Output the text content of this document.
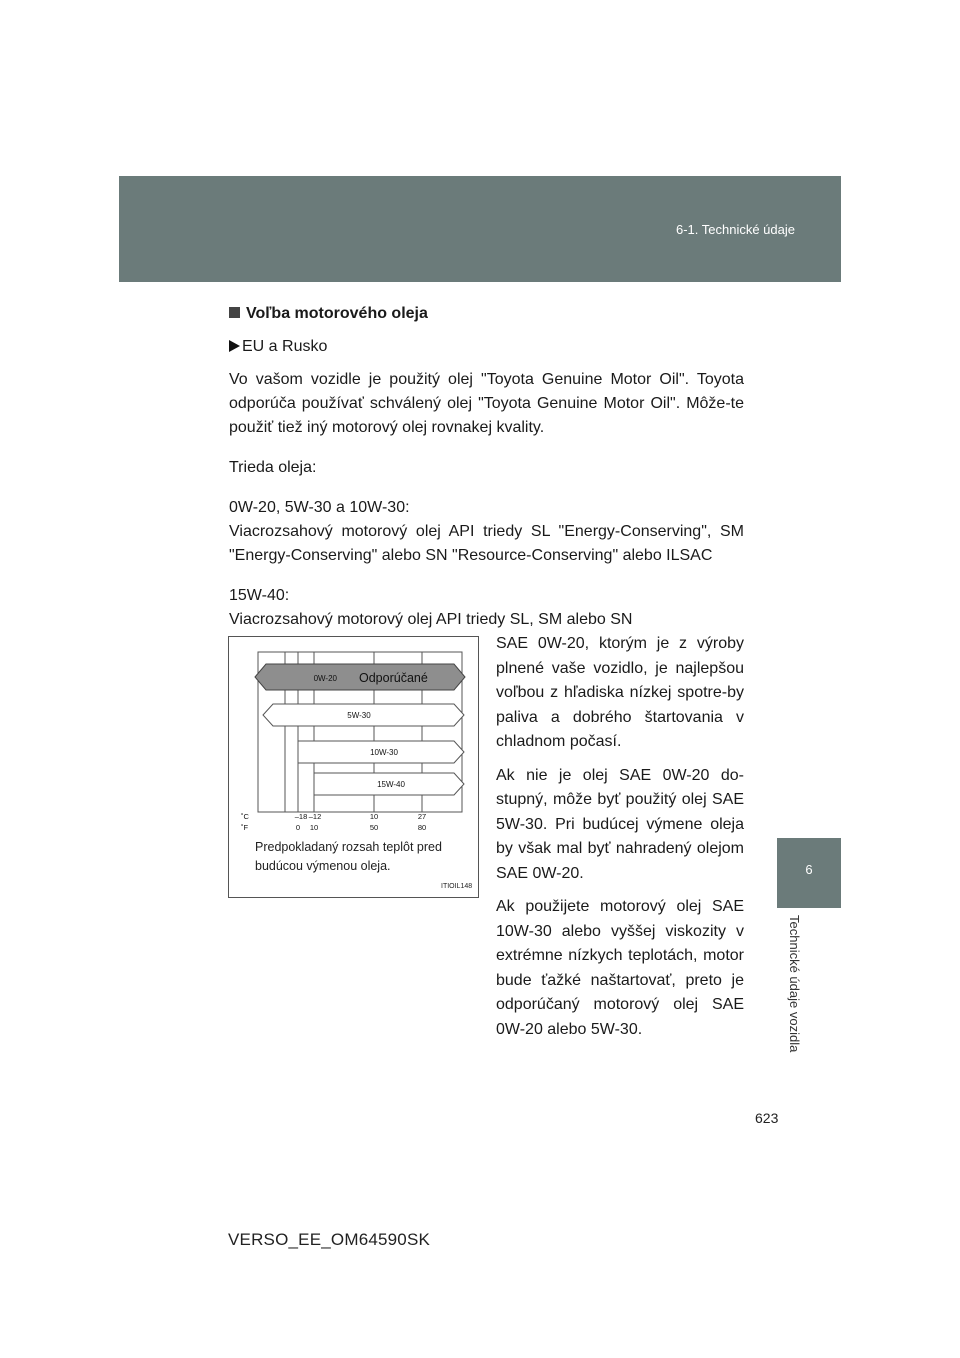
6-1. Technické údaje
6
Technické údaje vozidla

Voľba motorového oleja

EU a Rusko

Vo vašom vozidle je použitý olej "Toyota Genuine Motor Oil". Toyota odporúča používať schválený olej "Toyota Genuine Motor Oil". Môže-te použiť tiež iný motorový olej rovnakej kvality.

Trieda oleja:

0W-20, 5W-30 a 10W-30:

Viacrozsahový motorový olej API triedy SL "Energy-Conserving", SM "Energy-Conserving" alebo SN "Resource-Conserving" alebo ILSAC

15W-40:

Viacrozsahový motorový olej API triedy SL, SM alebo SN

0W-20 Odporúčané
5W-30
10W-30
15W-40
˚C
˚F
–18 –12	10	27
0 10	50	80
Predpokladaný rozsah teplôt pred budúcou výmenou oleja.
ITIOIL148

SAE 0W-20, ktorým je z výroby plnené vaše vozidlo, je najlepšou voľbou z hľadiska nízkej spotre-by paliva a dobrého štartovania v chladnom počasí.

Ak nie je olej SAE 0W-20 do-stupný, môže byť použitý olej SAE 5W-30. Pri budúcej výmene oleja by však mal byť nahradený olejom SAE 0W-20.

Ak použijete motorový olej SAE 10W-30 alebo vyššej viskozity v extrémne nízkych teplotách, motor bude ťažké naštartovať, preto je odporúčaný motorový olej SAE 0W-20 alebo 5W-30.

623
VERSO_EE_OM64590SK
